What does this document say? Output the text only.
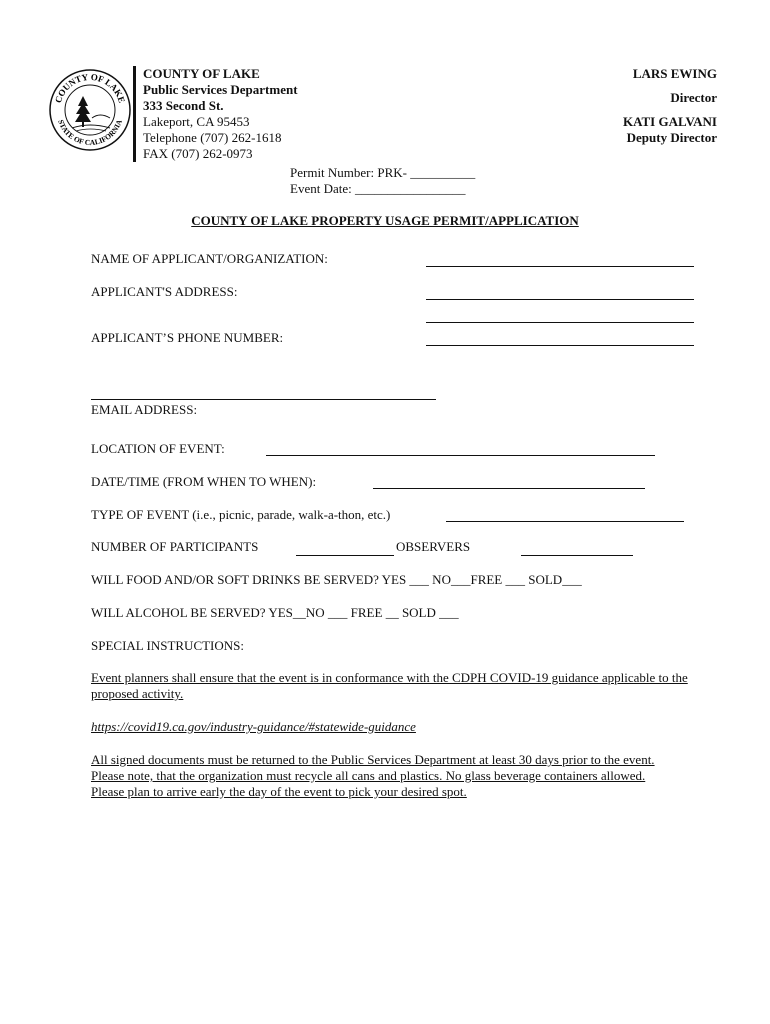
COUNTY OF LAKE
STATE OF CALIFORNIA
COUNTY OF LAKE
Public Services Department
333 Second St.
Lakeport, CA 95453
Telephone (707) 262-1618
FAX (707) 262-0973
LARS EWING
Director
KATI GALVANI
Deputy Director
Permit Number: PRK- __________
Event Date: _________________
COUNTY OF LAKE PROPERTY USAGE PERMIT/APPLICATION
NAME OF APPLICANT/ORGANIZATION:
APPLICANT'S ADDRESS:
APPLICANT’S PHONE NUMBER:
EMAIL ADDRESS:
LOCATION OF EVENT:
DATE/TIME (FROM WHEN TO WHEN):
TYPE OF EVENT (i.e., picnic, parade, walk-a-thon, etc.)
NUMBER OF PARTICIPANTS	OBSERVERS
WILL FOOD AND/OR SOFT DRINKS BE SERVED? YES ___ NO___FREE ___ SOLD___
WILL ALCOHOL BE SERVED? YES__NO ___ FREE __ SOLD ___
SPECIAL INSTRUCTIONS:
Event planners shall ensure that the event is in conformance with the CDPH COVID-19 guidance applicable to the proposed activity.
https://covid19.ca.gov/industry-guidance/#statewide-guidance
All signed documents must be returned to the Public Services Department at least 30 days prior to the event. Please note, that the organization must recycle all cans and plastics. No glass beverage containers allowed. Please plan to arrive early the day of the event to pick your desired spot.
